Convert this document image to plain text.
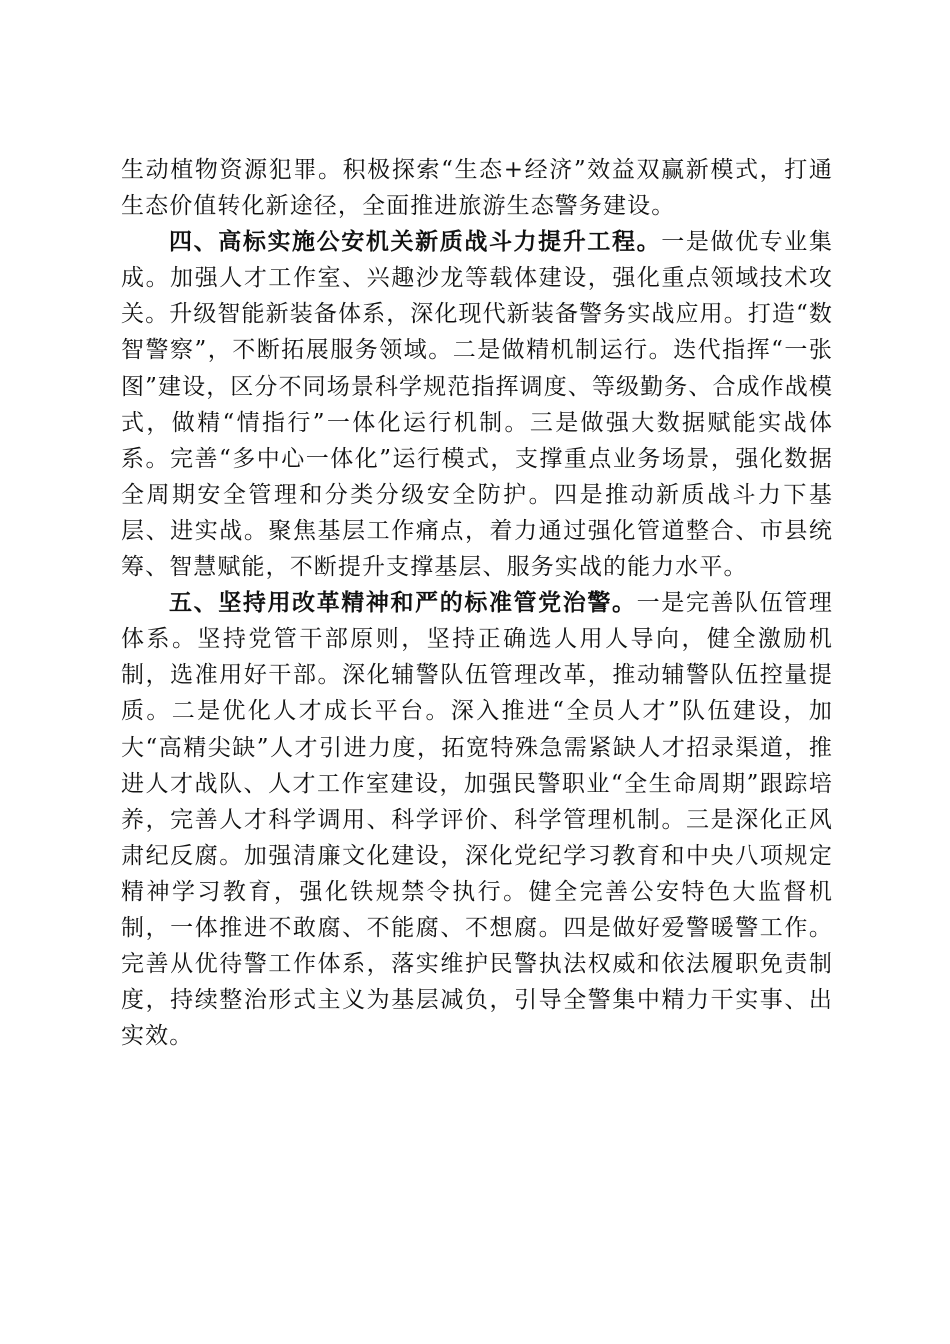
生动植物资源犯罪。积极探索“生态+经济”效益双赢新模式，打通生态价值转化新途径，全面推进旅游生态警务建设。

四、高标实施公安机关新质战斗力提升工程。一是做优专业集成。加强人才工作室、兴趣沙龙等载体建设，强化重点领域技术攻关。升级智能新装备体系，深化现代新装备警务实战应用。打造“数智警察”，不断拓展服务领域。二是做精机制运行。迭代指挥“一张图”建设，区分不同场景科学规范指挥调度、等级勤务、合成作战模式，做精“情指行”一体化运行机制。三是做强大数据赋能实战体系。完善“多中心一体化”运行模式，支撑重点业务场景，强化数据全周期安全管理和分类分级安全防护。四是推动新质战斗力下基层、进实战。聚焦基层工作痛点，着力通过强化管道整合、市县统筹、智慧赋能，不断提升支撑基层、服务实战的能力水平。

五、坚持用改革精神和严的标准管党治警。一是完善队伍管理体系。坚持党管干部原则，坚持正确选人用人导向，健全激励机制，选准用好干部。深化辅警队伍管理改革，推动辅警队伍控量提质。二是优化人才成长平台。深入推进“全员人才”队伍建设，加大“高精尖缺”人才引进力度，拓宽特殊急需紧缺人才招录渠道，推进人才战队、人才工作室建设，加强民警职业“全生命周期”跟踪培养，完善人才科学调用、科学评价、科学管理机制。三是深化正风肃纪反腐。加强清廉文化建设，深化党纪学习教育和中央八项规定精神学习教育，强化铁规禁令执行。健全完善公安特色大监督机制，一体推进不敢腐、不能腐、不想腐。四是做好爱警暖警工作。完善从优待警工作体系，落实维护民警执法权威和依法履职免责制度，持续整治形式主义为基层减负，引导全警集中精力干实事、出实效。
